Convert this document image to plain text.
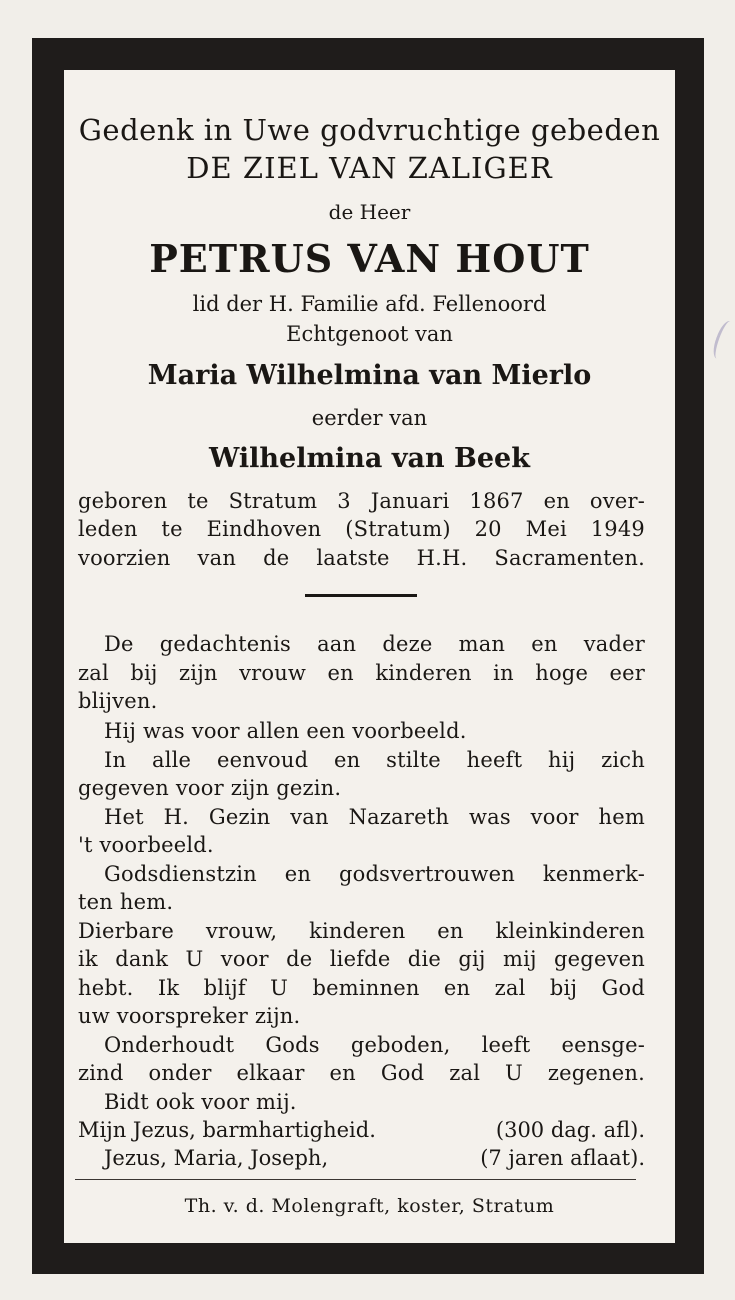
Gedenk in Uwe godvruchtige gebeden
DE ZIEL VAN ZALIGER
de Heer
PETRUS VAN HOUT
lid der H. Familie afd. Fellenoord
Echtgenoot van
Maria Wilhelmina van Mierlo
eerder van
Wilhelmina van Beek
geboren te Stratum 3 Januari 1867 en over-
leden te Eindhoven (Stratum) 20 Mei 1949
voorzien van de laatste H.H. Sacramenten.
De gedachtenis aan deze man en vader
zal bij zijn vrouw en kinderen in hoge eer
blijven.
Hij was voor allen een voorbeeld.
In alle eenvoud en stilte heeft hij zich
gegeven voor zijn gezin.
Het H. Gezin van Nazareth was voor hem
't voorbeeld.
Godsdienstzin en godsvertrouwen kenmerk-
ten hem.
Dierbare vrouw, kinderen en kleinkinderen
ik dank U voor de liefde die gij mij gegeven
hebt. Ik blijf U beminnen en zal bij God
uw voorspreker zijn.
Onderhoudt Gods geboden, leeft eensge-
zind onder elkaar en God zal U zegenen.
Bidt ook voor mij.
Mijn Jezus, barmhartigheid.	(300 dag. afl).
Jezus, Maria, Joseph,	(7 jaren aflaat).
Th. v. d. Molengraft, koster, Stratum
